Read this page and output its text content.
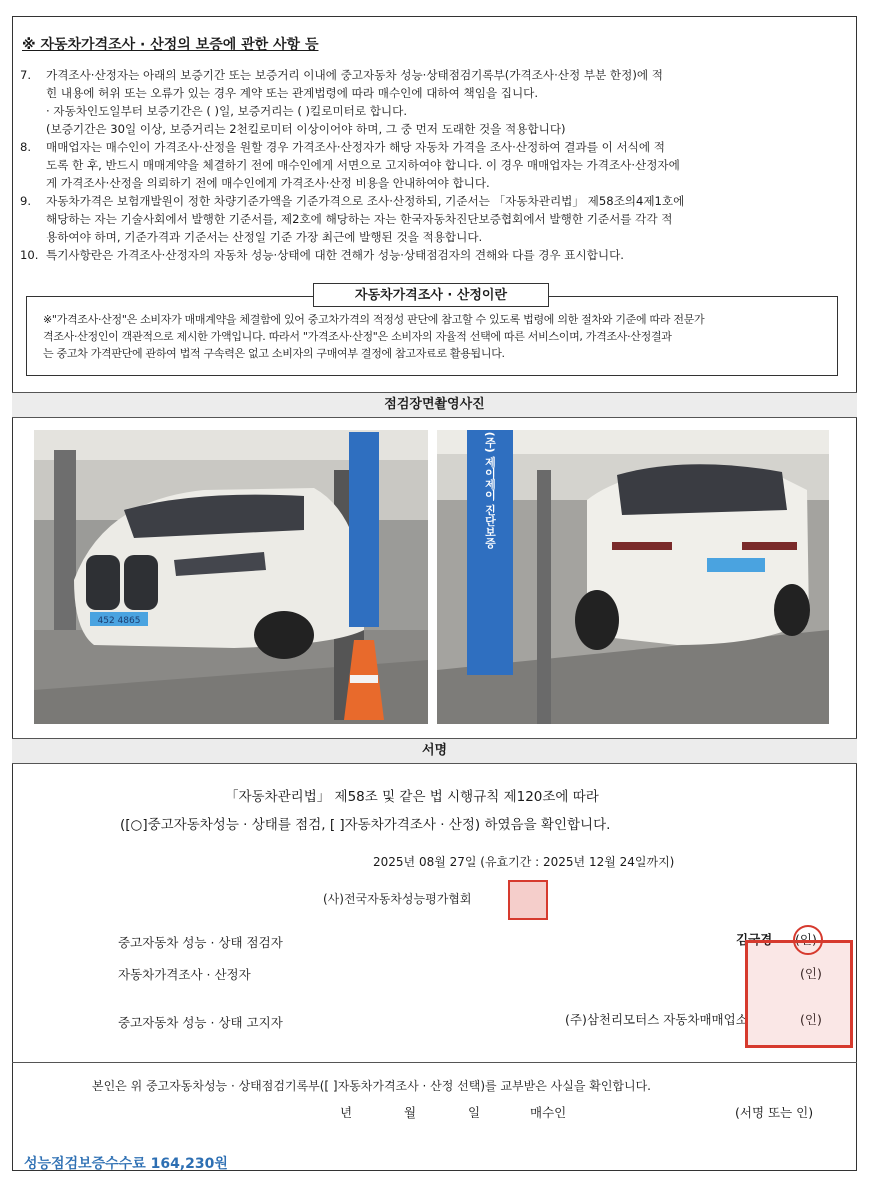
※ 자동차가격조사 · 산정의 보증에 관한 사항 등
7. 가격조사·산정자는 아래의 보증기간 또는 보증거리 이내에 중고자동차 성능·상태점검기록부(가격조사·산정 부분 한정)에 적
힌 내용에 허위 또는 오류가 있는 경우 계약 또는 관계법령에 따라 매수인에 대하여 책임을 집니다.
· 자동차인도일부터 보증기간은 ( )일, 보증거리는 ( )킬로미터로 합니다.
(보증기간은 30일 이상, 보증거리는 2천킬로미터 이상이어야 하며, 그 중 먼저 도래한 것을 적용합니다)
8. 매매업자는 매수인이 가격조사·산정을 원할 경우 가격조사·산정자가 해당 자동차 가격을 조사·산정하여 결과를 이 서식에 적
도록 한 후, 반드시 매매계약을 체결하기 전에 매수인에게 서면으로 고지하여야 합니다. 이 경우 매매업자는 가격조사·산정자에
게 가격조사·산정을 의뢰하기 전에 매수인에게 가격조사·산정 비용을 안내하여야 합니다.
9. 자동차가격은 보험개발원이 정한 차량기준가액을 기준가격으로 조사·산정하되, 기준서는 「자동차관리법」 제58조의4제1호에
해당하는 자는 기술사회에서 발행한 기준서를, 제2호에 해당하는 자는 한국자동차진단보증협회에서 발행한 기준서를 각각 적
용하여야 하며, 기준가격과 기준서는 산정일 기준 가장 최근에 발행된 것을 적용합니다.
10. 특기사항란은 가격조사·산정자의 자동차 성능·상태에 대한 견해가 성능·상태점검자의 견해와 다를 경우 표시합니다.
※"가격조사·산정"은 소비자가 매매계약을 체결함에 있어 중고차가격의 적정성 판단에 참고할 수 있도록 법령에 의한 절차와 기준에 따라 전문가
격조사·산정인이 객관적으로 제시한 가액입니다. 따라서 "가격조사·산정"은 소비자의 자율적 선택에 따른 서비스이며, 가격조사·산정결과
는 중고차 가격판단에 관하여 법적 구속력은 없고 소비자의 구매여부 결정에 참고자료로 활용됩니다.
자동차가격조사 · 산정이란
점검장면촬영사진
452 4865
(주) 제이제이 진단보증
서명
「자동차관리법」 제58조 및 같은 법 시행규칙 제120조에 따라
([○]중고자동차성능 · 상태를 점검, [ ]자동차가격조사 · 산정) 하였음을 확인합니다.
2025년 08월 27일 (유효기간 : 2025년 12월 24일까지)
(사)전국자동차성능평가협회
중고자동차 성능 · 상태 점검자	김국경 (인)
자동차가격조사 · 산정자	(인)
중고자동차 성능 · 상태 고지자	(주)삼천리모터스 자동차매매업소	(인)
본인은 위 중고자동차성능 · 상태점검기록부([ ]자동차가격조사 · 산정 선택)를 교부받은 사실을 확인합니다.
년	월	일	매수인	(서명 또는 인)
성능점검보증수수료 164,230원
